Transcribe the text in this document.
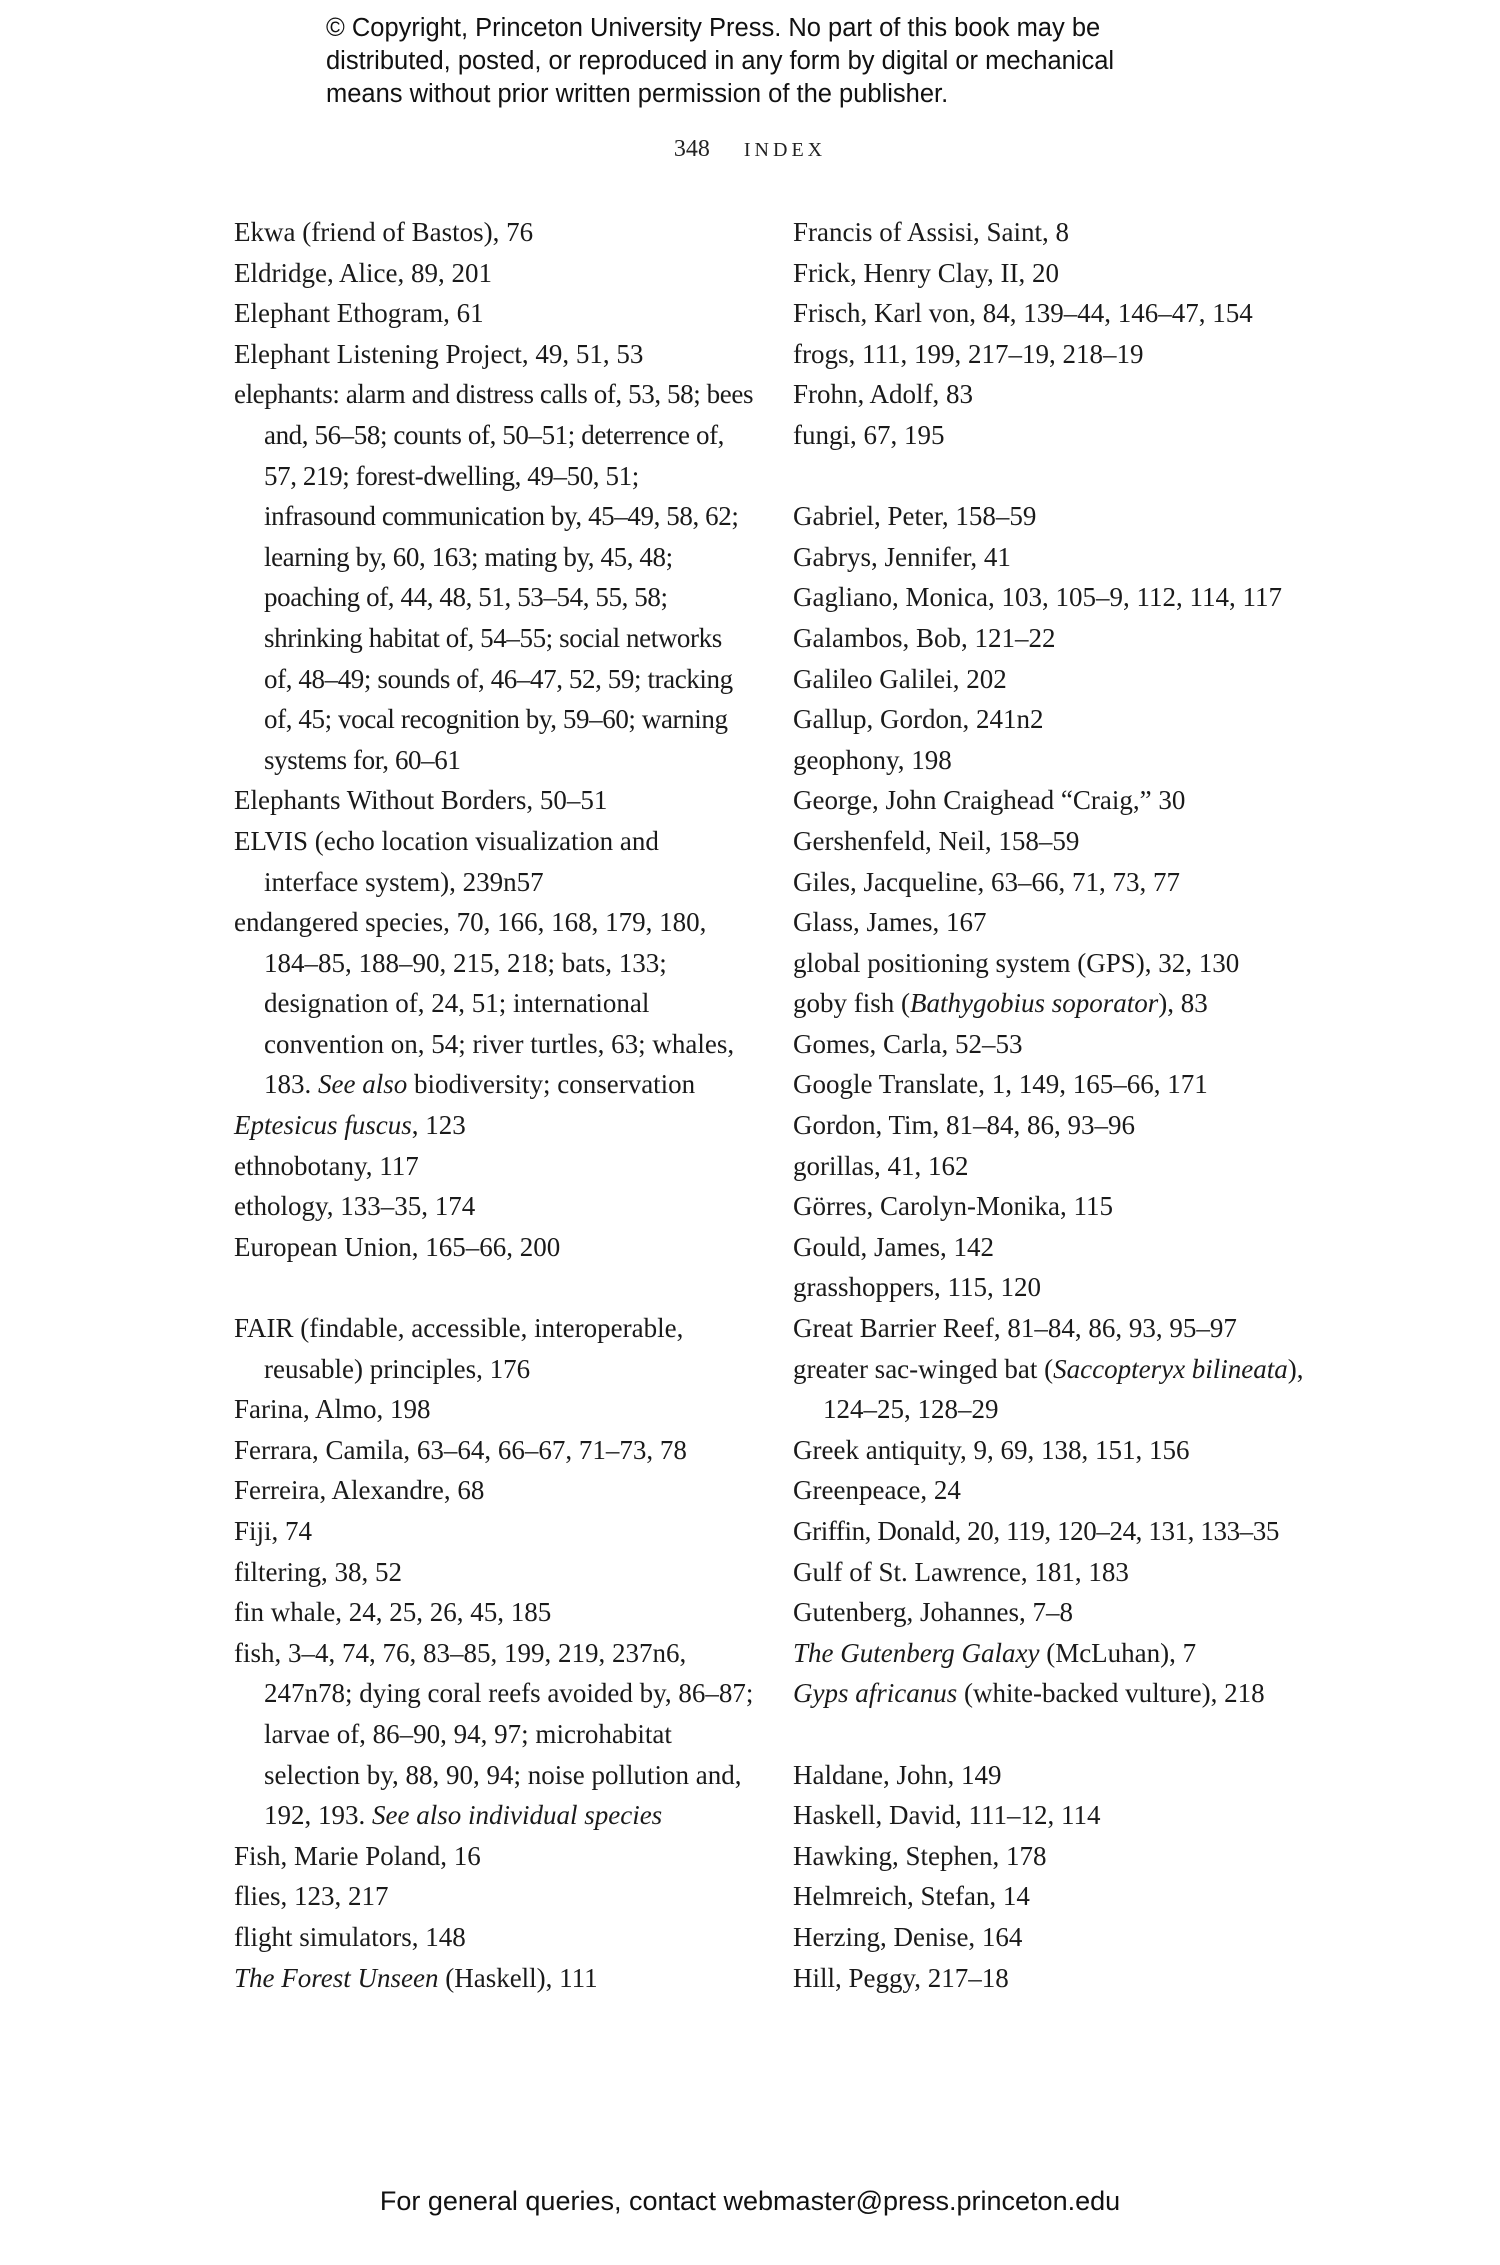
© Copyright, Princeton University Press. No part of this book may be
distributed, posted, or reproduced in any form by digital or mechanical
means without prior written permission of the publisher.
348 INDEX

Ekwa (friend of Bastos), 76

Eldridge, Alice, 89, 201

Elephant Ethogram, 61

Elephant Listening Project, 49, 51, 53

elephants: alarm and distress calls of, 53, 58; bees and, 56–58; counts of, 50–51; deterrence of, 57, 219; forest-dwelling, 49–50, 51; infrasound communication by, 45–49, 58, 62; learning by, 60, 163; mating by, 45, 48; poaching of, 44, 48, 51, 53–54, 55, 58; shrinking habitat of, 54–55; social networks of, 48–49; sounds of, 46–47, 52, 59; tracking of, 45; vocal recognition by, 59–60; warning systems for, 60–61

Elephants Without Borders, 50–51

ELVIS (echo location visualization and interface system), 239n57

endangered species, 70, 166, 168, 179, 180, 184–85, 188–90, 215, 218; bats, 133; designation of, 24, 51; international convention on, 54; river turtles, 63; whales, 183. See also biodiversity; conservation

Eptesicus fuscus, 123

ethnobotany, 117

ethology, 133–35, 174

European Union, 165–66, 200

FAIR (findable, accessible, interoperable, reusable) principles, 176

Farina, Almo, 198

Ferrara, Camila, 63–64, 66–67, 71–73, 78

Ferreira, Alexandre, 68

Fiji, 74

filtering, 38, 52

fin whale, 24, 25, 26, 45, 185

fish, 3–4, 74, 76, 83–85, 199, 219, 237n6, 247n78; dying coral reefs avoided by, 86–87; larvae of, 86–90, 94, 97; microhabitat selection by, 88, 90, 94; noise pollution and, 192, 193. See also individual species

Fish, Marie Poland, 16

flies, 123, 217

flight simulators, 148

The Forest Unseen (Haskell), 111

Francis of Assisi, Saint, 8

Frick, Henry Clay, II, 20

Frisch, Karl von, 84, 139–44, 146–47, 154

frogs, 111, 199, 217–19, 218–19

Frohn, Adolf, 83

fungi, 67, 195

Gabriel, Peter, 158–59

Gabrys, Jennifer, 41

Gagliano, Monica, 103, 105–9, 112, 114, 117

Galambos, Bob, 121–22

Galileo Galilei, 202

Gallup, Gordon, 241n2

geophony, 198

George, John Craighead “Craig,” 30

Gershenfeld, Neil, 158–59

Giles, Jacqueline, 63–66, 71, 73, 77

Glass, James, 167

global positioning system (GPS), 32, 130

goby fish (Bathygobius soporator), 83

Gomes, Carla, 52–53

Google Translate, 1, 149, 165–66, 171

Gordon, Tim, 81–84, 86, 93–96

gorillas, 41, 162

Görres, Carolyn-Monika, 115

Gould, James, 142

grasshoppers, 115, 120

Great Barrier Reef, 81–84, 86, 93, 95–97

greater sac-winged bat (Saccopteryx bilineata), 124–25, 128–29

Greek antiquity, 9, 69, 138, 151, 156

Greenpeace, 24

Griffin, Donald, 20, 119, 120–24, 131, 133–35

Gulf of St. Lawrence, 181, 183

Gutenberg, Johannes, 7–8

The Gutenberg Galaxy (McLuhan), 7

Gyps africanus (white-backed vulture), 218

Haldane, John, 149

Haskell, David, 111–12, 114

Hawking, Stephen, 178

Helmreich, Stefan, 14

Herzing, Denise, 164

Hill, Peggy, 217–18

For general queries, contact webmaster@press.princeton.edu
